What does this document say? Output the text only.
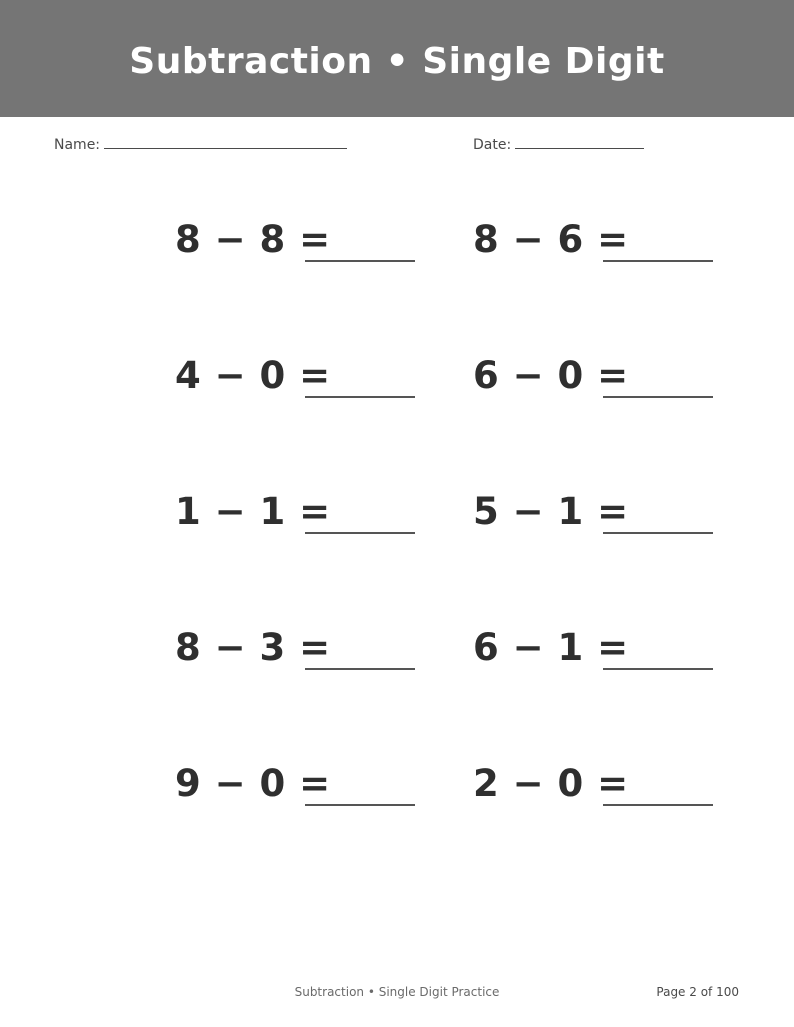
Subtraction • Single Digit
Name:	Date:
8 − 8 =	8 − 6 =
4 − 0 =	6 − 0 =
1 − 1 =	5 − 1 =
8 − 3 =	6 − 1 =
9 − 0 =	2 − 0 =
Subtraction • Single Digit Practice	Page 2 of 100
